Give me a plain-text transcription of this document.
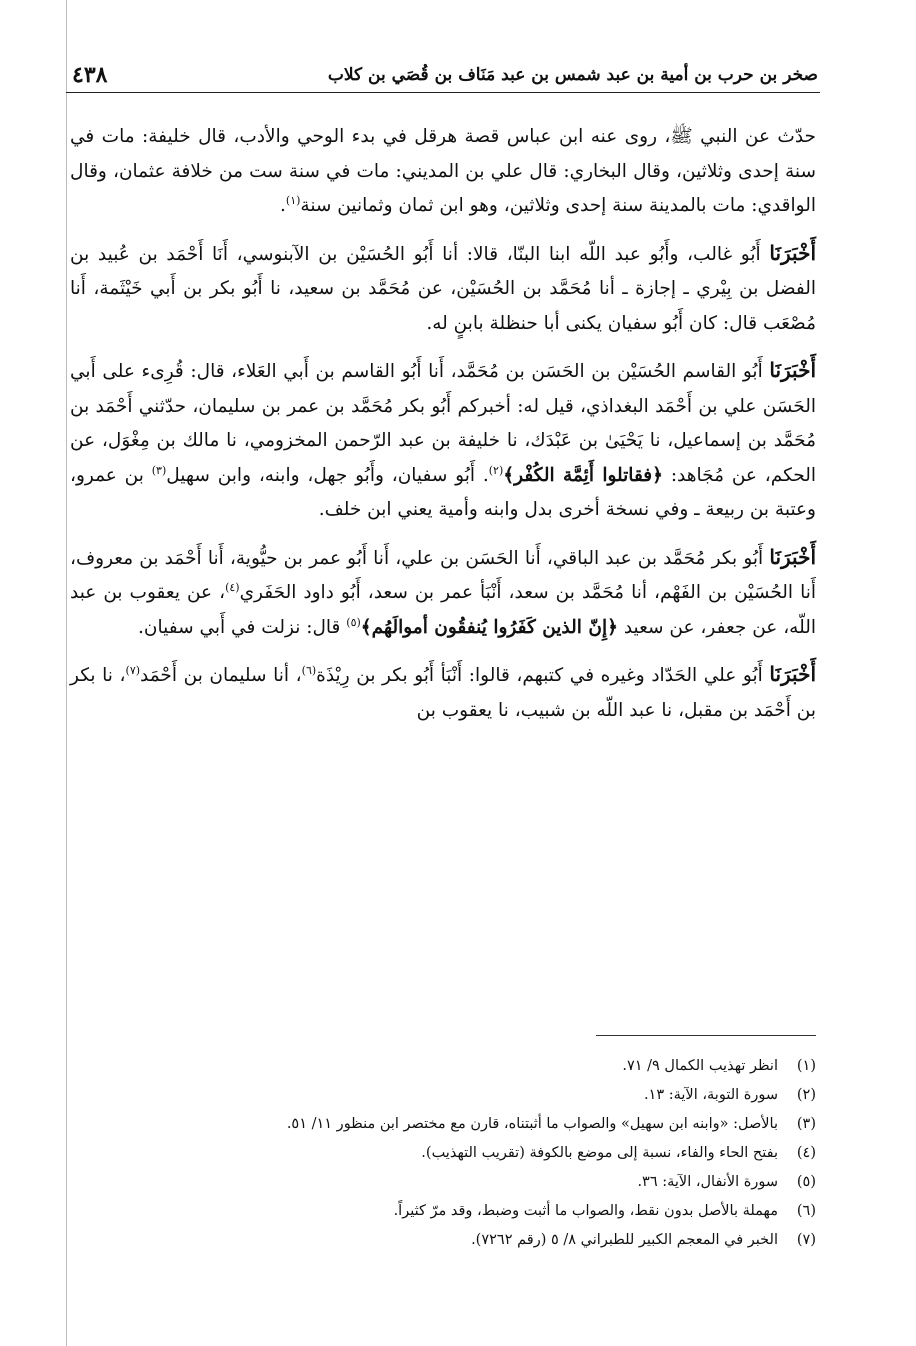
٤٣٨	صخر بن حرب بن أمية بن عبد شمس بن عبد مَنَاف بن قُصَي بن كلاب

حدّث عن النبي ﷺ، روى عنه ابن عباس قصة هرقل في بدء الوحي والأدب، قال خليفة: مات في سنة إحدى وثلاثين، وقال البخاري: قال علي بن المديني: مات في سنة ست من خلافة عثمان، وقال الواقدي: مات بالمدينة سنة إحدى وثلاثين، وهو ابن ثمان وثمانين سنة$^{(١)}$.

أَخْبَرَنَا أَبُو غالب، وأَبُو عبد اللّه ابنا البنّا، قالا: أنا أَبُو الحُسَيْن بن الآبنوسي، أَنَا أَحْمَد بن عُبيد بن الفضل بن بِيْري ـ إجازة ـ أنا مُحَمَّد بن الحُسَيْن، عن مُحَمَّد بن سعيد، نا أَبُو بكر بن أَبي خَيْثَمة، أَنا مُصْعَب قال: كان أَبُو سفيان يكنى أبا حنظلة بابنٍ له.

أَخْبَرَنَا أَبُو القاسم الحُسَيْن بن الحَسَن بن مُحَمَّد، أَنا أَبُو القاسم بن أَبي العَلاء، قال: قُرِىء على أَبي الحَسَن علي بن أَحْمَد البغداذي، قيل له: أخبركم أَبُو بكر مُحَمَّد بن عمر بن سليمان، حدّثني أَحْمَد بن مُحَمَّد بن إسماعيل، نا يَحْيَىٰ بن عَبْدَك، نا خليفة بن عبد الرّحمن المخزومي، نا مالك بن مِغْوَل، عن الحكم، عن مُجَاهد: ﴿فقاتلوا أَئِمَّة الكُفْر﴾$^{(٢)}$. أَبُو سفيان، وأَبُو جهل، وابنه، وابن سهيل$^{(٣)}$ بن عمرو، وعتبة بن ربيعة ـ وفي نسخة أخرى بدل وابنه وأمية يعني ابن خلف.

أَخْبَرَنَا أَبُو بكر مُحَمَّد بن عبد الباقي، أَنا الحَسَن بن علي، أَنا أَبُو عمر بن حيُّوية، أَنا أَحْمَد بن معروف، أَنا الحُسَيْن بن الفَهْم، أنا مُحَمَّد بن سعد، أَنْبَأ عمر بن سعد، أَبُو داود الحَفَري$^{(٤)}$، عن يعقوب بن عبد اللّه، عن جعفر، عن سعيد ﴿إِنّ الذين كَفَرُوا يُنفقُون أموالَهُم﴾$^{(٥)}$ قال: نزلت في أَبي سفيان.

أَخْبَرَنَا أَبُو علي الحَدّاد وغيره في كتبهم، قالوا: أَنْبَأ أَبُو بكر بن رِيْذَة$^{(٦)}$، أنا سليمان بن أَحْمَد$^{(٧)}$، نا بكر بن أَحْمَد بن مقبل، نا عبد اللّه بن شبيب، نا يعقوب بن

(١)
انظر تهذيب الكمال ٩/ ٧١.
(٢)
سورة التوبة، الآية: ١٣.
(٣)
بالأصل: «وابنه ابن سهيل» والصواب ما أثبتناه، قارن مع مختصر ابن منظور ١١/ ٥١.
(٤)
بفتح الحاء والفاء، نسبة إلى موضع بالكوفة (تقريب التهذيب).
(٥)
سورة الأنفال، الآية: ٣٦.
(٦)
مهملة بالأصل بدون نقط، والصواب ما أثبت وضبط، وقد مرّ كثيراً.
(٧)
الخبر في المعجم الكبير للطبراني ٨/ ٥ (رقم ٧٢٦٢).
